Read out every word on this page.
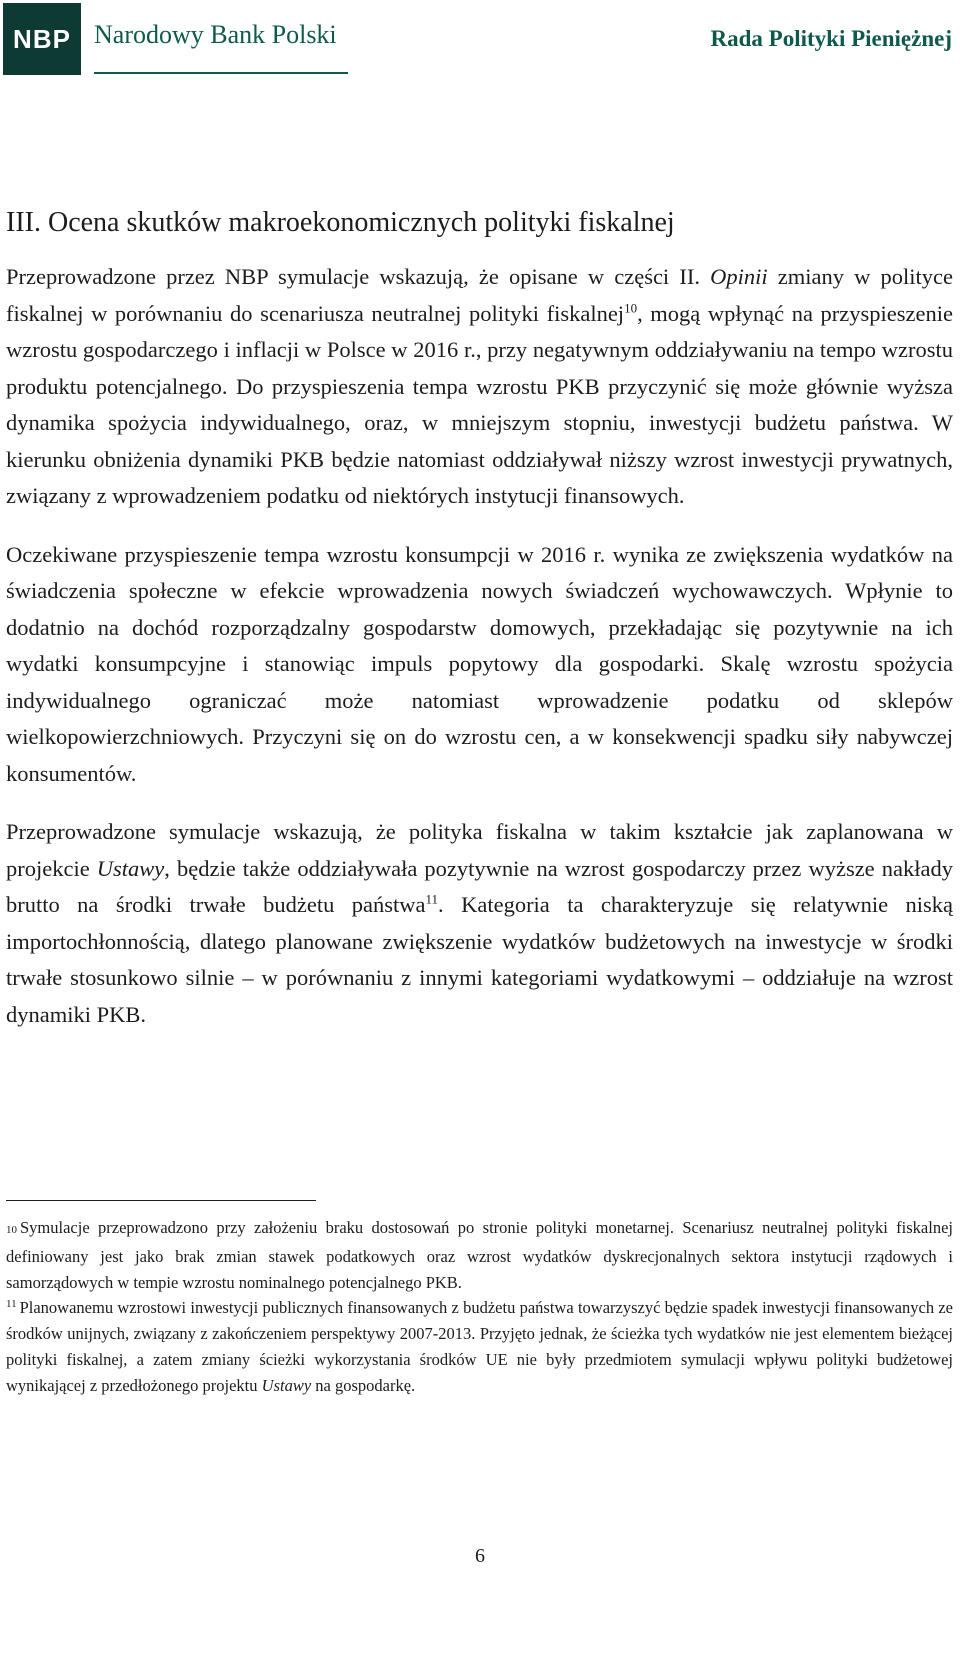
NBP Narodowy Bank Polski	Rada Polityki Pieniężnej
III. Ocena skutków makroekonomicznych polityki fiskalnej

Przeprowadzone przez NBP symulacje wskazują, że opisane w części II. Opinii zmiany w polityce fiskalnej w porównaniu do scenariusza neutralnej polityki fiskalnej$^{10}$, mogą wpłynąć na przyspieszenie wzrostu gospodarczego i inflacji w Polsce w 2016 r., przy negatywnym oddziaływaniu na tempo wzrostu produktu potencjalnego. Do przyspieszenia tempa wzrostu PKB przyczynić się może głównie wyższa dynamika spożycia indywidualnego, oraz, w mniejszym stopniu, inwestycji budżetu państwa. W kierunku obniżenia dynamiki PKB będzie natomiast oddziaływał niższy wzrost inwestycji prywatnych, związany z wprowadzeniem podatku od niektórych instytucji finansowych.

Oczekiwane przyspieszenie tempa wzrostu konsumpcji w 2016 r. wynika ze zwiększenia wydatków na świadczenia społeczne w efekcie wprowadzenia nowych świadczeń wychowawczych. Wpłynie to dodatnio na dochód rozporządzalny gospodarstw domowych, przekładając się pozytywnie na ich wydatki konsumpcyjne i stanowiąc impuls popytowy dla gospodarki. Skalę wzrostu spożycia indywidualnego ograniczać może natomiast wprowadzenie podatku od sklepów wielkopowierzchniowych. Przyczyni się on do wzrostu cen, a w konsekwencji spadku siły nabywczej konsumentów.

Przeprowadzone symulacje wskazują, że polityka fiskalna w takim kształcie jak zaplanowana w projekcie Ustawy, będzie także oddziaływała pozytywnie na wzrost gospodarczy przez wyższe nakłady brutto na środki trwałe budżetu państwa$^{11}$. Kategoria ta charakteryzuje się relatywnie niską importochłonnością, dlatego planowane zwiększenie wydatków budżetowych na inwestycje w środki trwałe stosunkowo silnie – w porównaniu z innymi kategoriami wydatkowymi – oddziałuje na wzrost dynamiki PKB.

10 Symulacje przeprowadzono przy założeniu braku dostosowań po stronie polityki monetarnej. Scenariusz neutralnej polityki fiskalnej definiowany jest jako brak zmian stawek podatkowych oraz wzrost wydatków dyskrecjonalnych sektora instytucji rządowych i samorządowych w tempie wzrostu nominalnego potencjalnego PKB.

$^{11}$ Planowanemu wzrostowi inwestycji publicznych finansowanych z budżetu państwa towarzyszyć będzie spadek inwestycji finansowanych ze środków unijnych, związany z zakończeniem perspektywy 2007-2013. Przyjęto jednak, że ścieżka tych wydatków nie jest elementem bieżącej polityki fiskalnej, a zatem zmiany ścieżki wykorzystania środków UE nie były przedmiotem symulacji wpływu polityki budżetowej wynikającej z przedłożonego projektu Ustawy na gospodarkę.

6
